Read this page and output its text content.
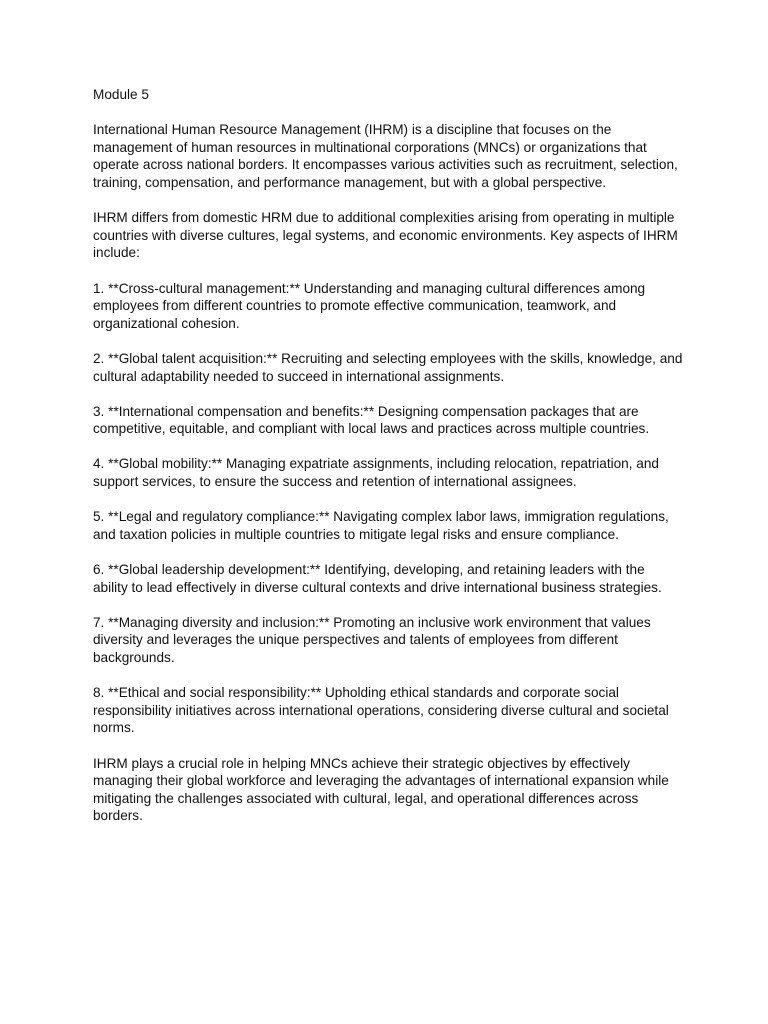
Module 5

International Human Resource Management (IHRM) is a discipline that focuses on the management of human resources in multinational corporations (MNCs) or organizations that operate across national borders. It encompasses various activities such as recruitment, selection, training, compensation, and performance management, but with a global perspective.

IHRM differs from domestic HRM due to additional complexities arising from operating in multiple countries with diverse cultures, legal systems, and economic environments. Key aspects of IHRM include:

1. **Cross-cultural management:** Understanding and managing cultural differences among employees from different countries to promote effective communication, teamwork, and organizational cohesion.

2. **Global talent acquisition:** Recruiting and selecting employees with the skills, knowledge, and cultural adaptability needed to succeed in international assignments.

3. **International compensation and benefits:** Designing compensation packages that are competitive, equitable, and compliant with local laws and practices across multiple countries.

4. **Global mobility:** Managing expatriate assignments, including relocation, repatriation, and support services, to ensure the success and retention of international assignees.

5. **Legal and regulatory compliance:** Navigating complex labor laws, immigration regulations, and taxation policies in multiple countries to mitigate legal risks and ensure compliance.

6. **Global leadership development:** Identifying, developing, and retaining leaders with the ability to lead effectively in diverse cultural contexts and drive international business strategies.

7. **Managing diversity and inclusion:** Promoting an inclusive work environment that values diversity and leverages the unique perspectives and talents of employees from different backgrounds.

8. **Ethical and social responsibility:** Upholding ethical standards and corporate social responsibility initiatives across international operations, considering diverse cultural and societal norms.

IHRM plays a crucial role in helping MNCs achieve their strategic objectives by effectively managing their global workforce and leveraging the advantages of international expansion while mitigating the challenges associated with cultural, legal, and operational differences across borders.
